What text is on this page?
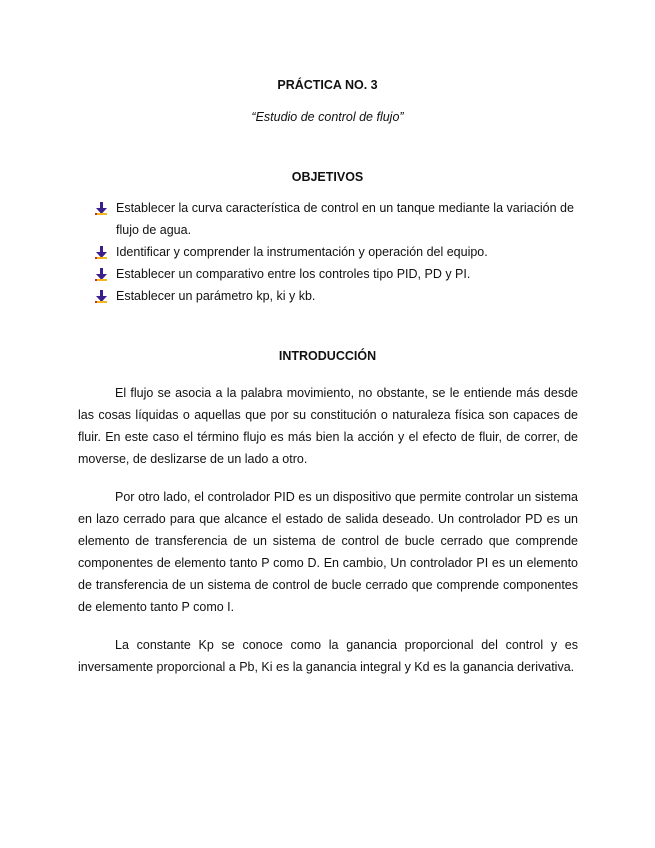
PRÁCTICA NO. 3
“Estudio de control de flujo”
OBJETIVOS
Establecer la curva característica de control en un tanque mediante la variación de flujo de agua.
Identificar y comprender la instrumentación y operación del equipo.
Establecer un comparativo entre los controles tipo PID, PD y PI.
Establecer un parámetro kp, ki y kb.
INTRODUCCIÓN

El flujo se asocia a la palabra movimiento, no obstante, se le entiende más desde las cosas líquidas o aquellas que por su constitución o naturaleza física son capaces de fluir. En este caso el término flujo es más bien la acción y el efecto de fluir, de correr, de moverse, de deslizarse de un lado a otro.

Por otro lado, el controlador PID es un dispositivo que permite controlar un sistema en lazo cerrado para que alcance el estado de salida deseado. Un controlador PD es un elemento de transferencia de un sistema de control de bucle cerrado que comprende componentes de elemento tanto P como D. En cambio, Un controlador PI es un elemento de transferencia de un sistema de control de bucle cerrado que comprende componentes de elemento tanto P como I.

La constante Kp se conoce como la ganancia proporcional del control y es inversamente proporcional a Pb, Ki es la ganancia integral y Kd es la ganancia derivativa.
